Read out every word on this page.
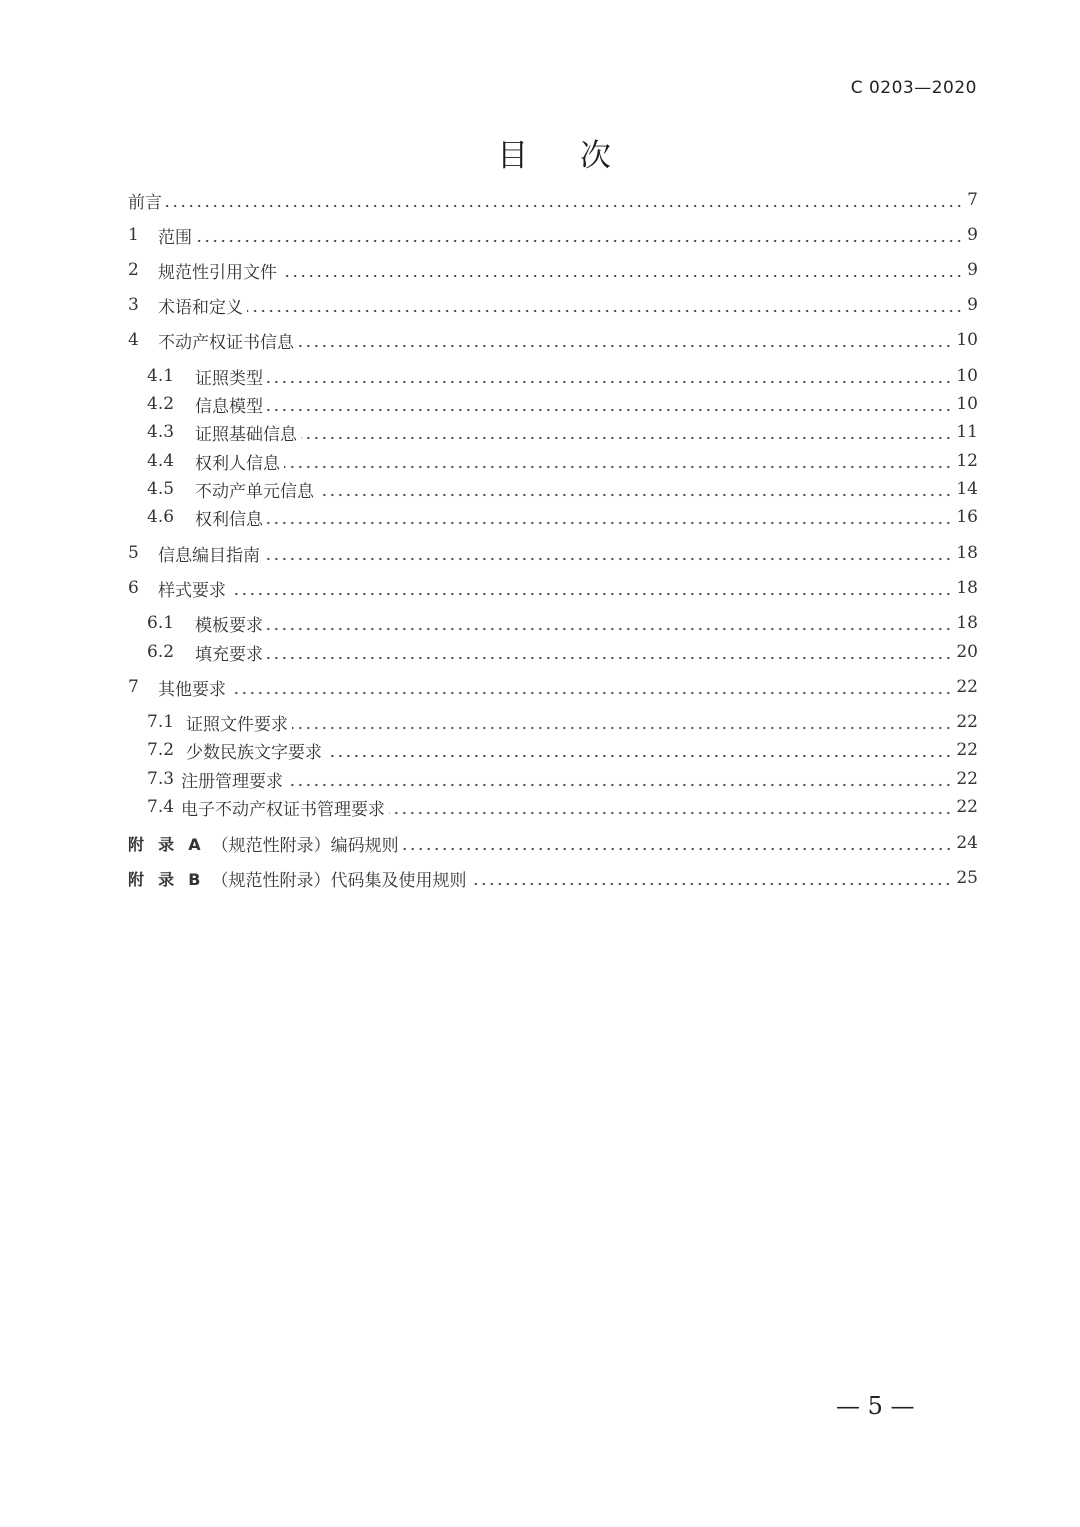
C 0203—2020
目 次
前言	7
1	范围	9
2	规范性引用文件	9
3	术语和定义	9
4	不动产权证书信息	10
4.1	证照类型	10
4.2	信息模型	10
4.3	证照基础信息	11
4.4	权利人信息	12
4.5	不动产单元信息	14
4.6	权利信息	16
5	信息编目指南	18
6	样式要求	18
6.1	模板要求	18
6.2	填充要求	20
7	其他要求	22
7.1 证照文件要求	22
7.2 少数民族文字要求	22
7.3 注册管理要求	22
7.4 电子不动产权证书管理要求	22
附  录  A （规范性附录）编码规则	24
附  录  B （规范性附录）代码集及使用规则	25
— 5 —
